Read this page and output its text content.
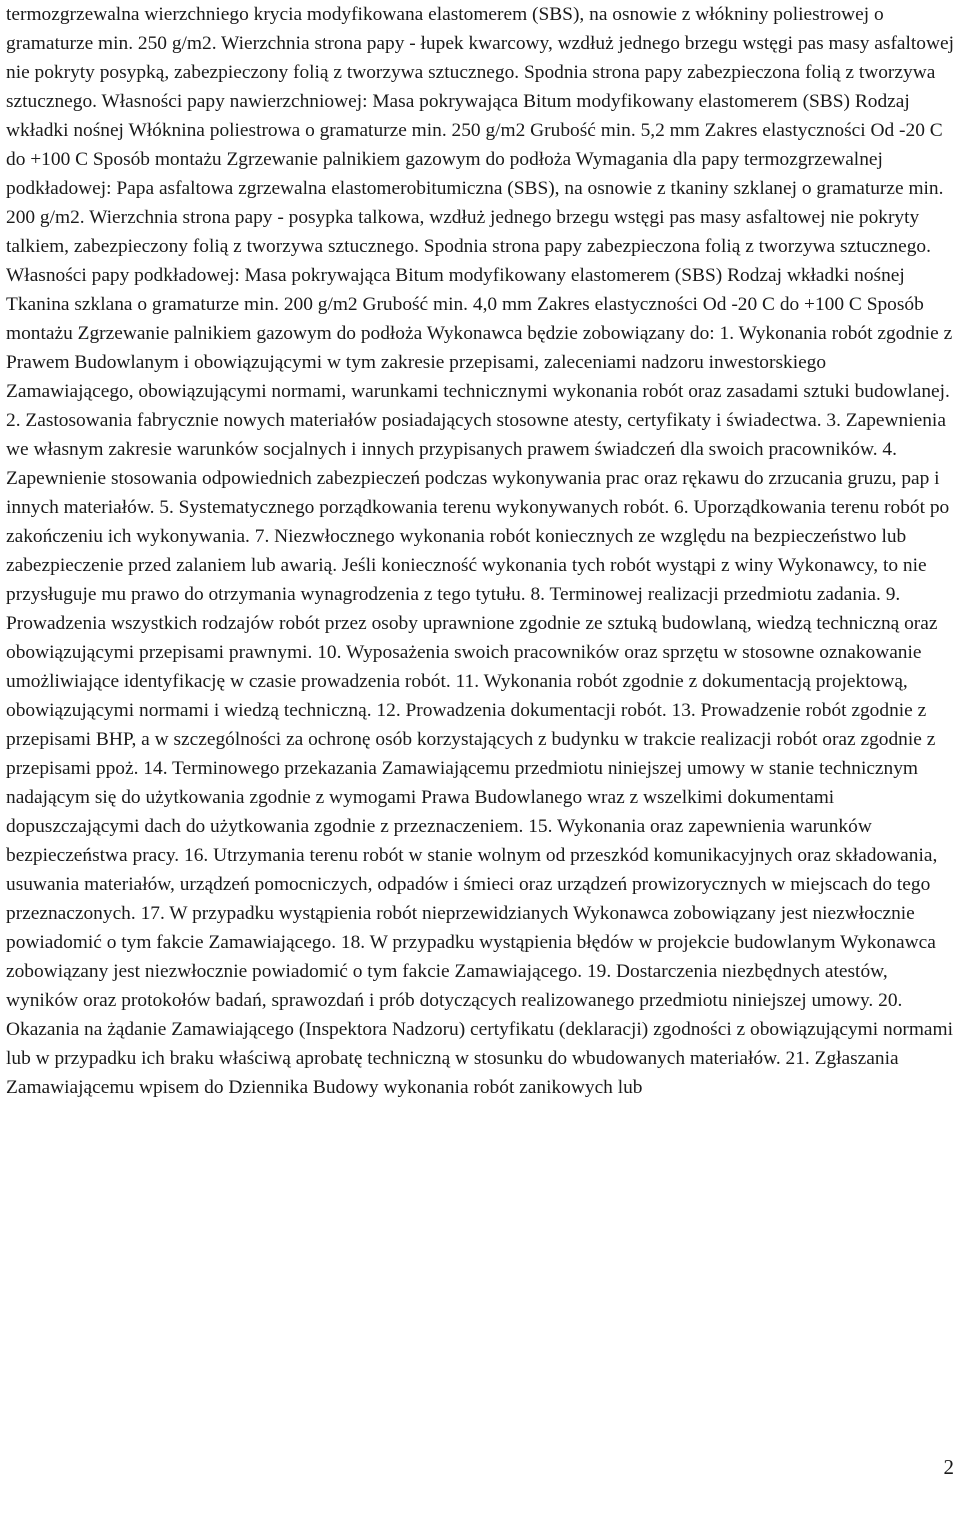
termozgrzewalna wierzchniego krycia modyfikowana elastomerem (SBS), na osnowie z włókniny poliestrowej o gramaturze min. 250 g/m2. Wierzchnia strona papy - łupek kwarcowy, wzdłuż jednego brzegu wstęgi pas masy asfaltowej nie pokryty posypką, zabezpieczony folią z tworzywa sztucznego. Spodnia strona papy zabezpieczona folią z tworzywa sztucznego. Własności papy nawierzchniowej: Masa pokrywająca Bitum modyfikowany elastomerem (SBS) Rodzaj wkładki nośnej Włóknina poliestrowa o gramaturze min. 250 g/m2 Grubość min. 5,2 mm Zakres elastyczności Od -20 C do +100 C Sposób montażu Zgrzewanie palnikiem gazowym do podłoża Wymagania dla papy termozgrzewalnej podkładowej: Papa asfaltowa zgrzewalna elastomerobitumiczna (SBS), na osnowie z tkaniny szklanej o gramaturze min. 200 g/m2. Wierzchnia strona papy - posypka talkowa, wzdłuż jednego brzegu wstęgi pas masy asfaltowej nie pokryty talkiem, zabezpieczony folią z tworzywa sztucznego. Spodnia strona papy zabezpieczona folią z tworzywa sztucznego. Własności papy podkładowej: Masa pokrywająca Bitum modyfikowany elastomerem (SBS) Rodzaj wkładki nośnej Tkanina szklana o gramaturze min. 200 g/m2 Grubość min. 4,0 mm Zakres elastyczności Od -20 C do +100 C Sposób montażu Zgrzewanie palnikiem gazowym do podłoża Wykonawca będzie zobowiązany do: 1. Wykonania robót zgodnie z Prawem Budowlanym i obowiązującymi w tym zakresie przepisami, zaleceniami nadzoru inwestorskiego Zamawiającego, obowiązującymi normami, warunkami technicznymi wykonania robót oraz zasadami sztuki budowlanej. 2. Zastosowania fabrycznie nowych materiałów posiadających stosowne atesty, certyfikaty i świadectwa. 3. Zapewnienia we własnym zakresie warunków socjalnych i innych przypisanych prawem świadczeń dla swoich pracowników. 4. Zapewnienie stosowania odpowiednich zabezpieczeń podczas wykonywania prac oraz rękawu do zrzucania gruzu, pap i innych materiałów. 5. Systematycznego porządkowania terenu wykonywanych robót. 6. Uporządkowania terenu robót po zakończeniu ich wykonywania. 7. Niezwłocznego wykonania robót koniecznych ze względu na bezpieczeństwo lub zabezpieczenie przed zalaniem lub awarią. Jeśli konieczność wykonania tych robót wystąpi z winy Wykonawcy, to nie przysługuje mu prawo do otrzymania wynagrodzenia z tego tytułu. 8. Terminowej realizacji przedmiotu zadania. 9. Prowadzenia wszystkich rodzajów robót przez osoby uprawnione zgodnie ze sztuką budowlaną, wiedzą techniczną oraz obowiązującymi przepisami prawnymi. 10. Wyposażenia swoich pracowników oraz sprzętu w stosowne oznakowanie umożliwiające identyfikację w czasie prowadzenia robót. 11. Wykonania robót zgodnie z dokumentacją projektową, obowiązującymi normami i wiedzą techniczną. 12. Prowadzenia dokumentacji robót. 13. Prowadzenie robót zgodnie z przepisami BHP, a w szczególności za ochronę osób korzystających z budynku w trakcie realizacji robót oraz zgodnie z przepisami ppoż. 14. Terminowego przekazania Zamawiającemu przedmiotu niniejszej umowy w stanie technicznym nadającym się do użytkowania zgodnie z wymogami Prawa Budowlanego wraz z wszelkimi dokumentami dopuszczającymi dach do użytkowania zgodnie z przeznaczeniem. 15. Wykonania oraz zapewnienia warunków bezpieczeństwa pracy. 16. Utrzymania terenu robót w stanie wolnym od przeszkód komunikacyjnych oraz składowania, usuwania materiałów, urządzeń pomocniczych, odpadów i śmieci oraz urządzeń prowizorycznych w miejscach do tego przeznaczonych. 17. W przypadku wystąpienia robót nieprzewidzianych Wykonawca zobowiązany jest niezwłocznie powiadomić o tym fakcie Zamawiającego. 18. W przypadku wystąpienia błędów w projekcie budowlanym Wykonawca zobowiązany jest niezwłocznie powiadomić o tym fakcie Zamawiającego. 19. Dostarczenia niezbędnych atestów, wyników oraz protokołów badań, sprawozdań i prób dotyczących realizowanego przedmiotu niniejszej umowy. 20. Okazania na żądanie Zamawiającego (Inspektora Nadzoru) certyfikatu (deklaracji) zgodności z obowiązującymi normami lub w przypadku ich braku właściwą aprobatę techniczną w stosunku do wbudowanych materiałów. 21. Zgłaszania Zamawiającemu wpisem do Dziennika Budowy wykonania robót zanikowych lub

2
